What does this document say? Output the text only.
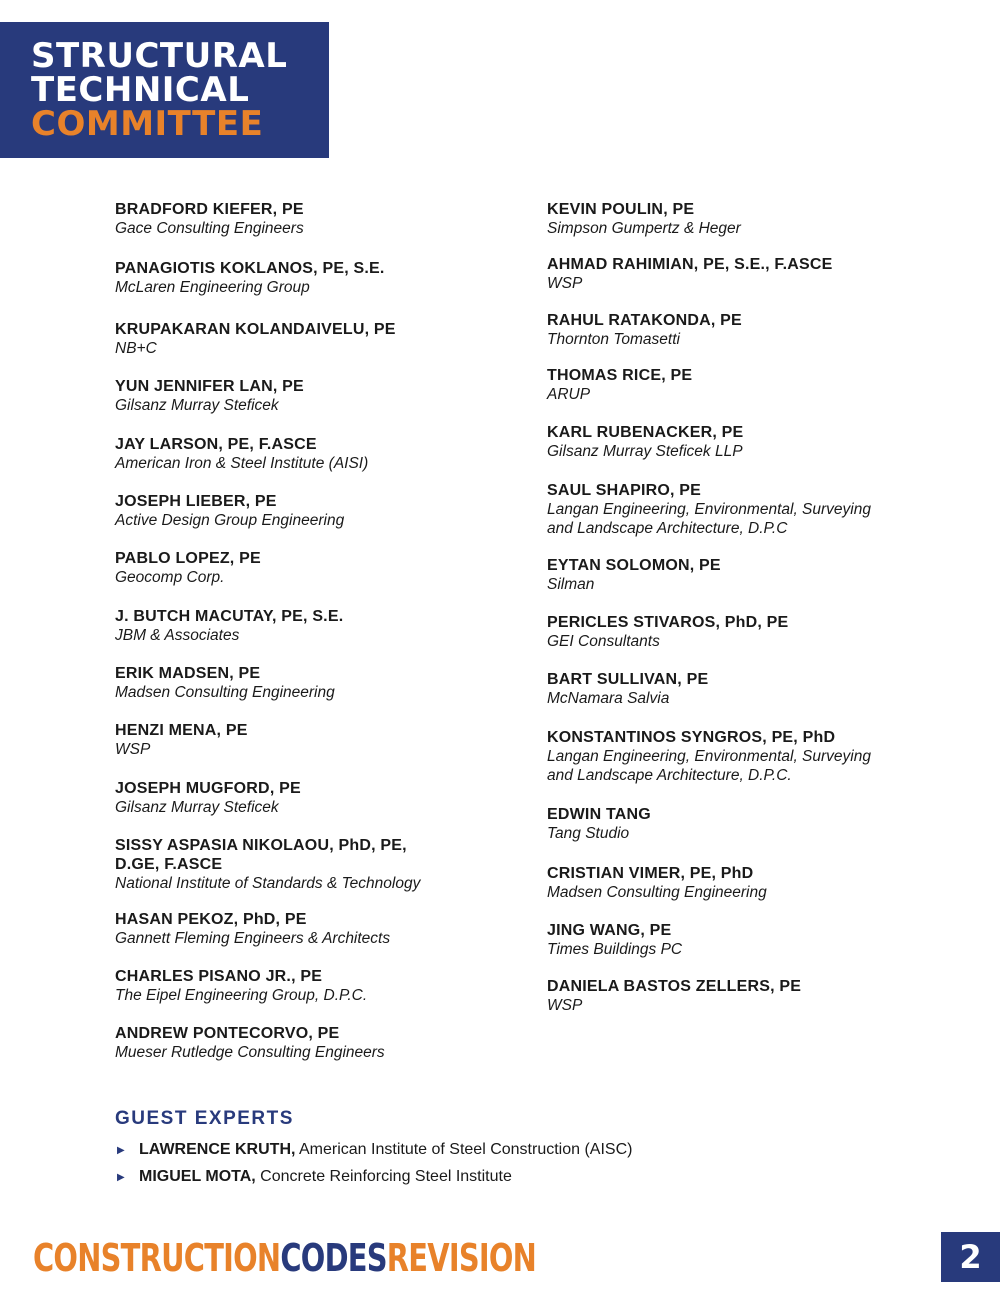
STRUCTURAL
TECHNICAL
COMMITTEE
BRADFORD KIEFER, PE
Gace Consulting Engineers
PANAGIOTIS KOKLANOS, PE, S.E.
McLaren Engineering Group
KRUPAKARAN KOLANDAIVELU, PE
NB+C
YUN JENNIFER LAN, PE
Gilsanz Murray Steficek
JAY LARSON, PE, F.ASCE
American Iron & Steel Institute (AISI)
JOSEPH LIEBER, PE
Active Design Group Engineering
PABLO LOPEZ, PE
Geocomp Corp.
J. BUTCH MACUTAY, PE, S.E.
JBM & Associates
ERIK MADSEN, PE
Madsen Consulting Engineering
HENZI MENA, PE
WSP
JOSEPH MUGFORD, PE
Gilsanz Murray Steficek
SISSY ASPASIA NIKOLAOU, PhD, PE,
D.GE, F.ASCE
National Institute of Standards & Technology
HASAN PEKOZ, PhD, PE
Gannett Fleming Engineers & Architects
CHARLES PISANO JR., PE
The Eipel Engineering Group, D.P.C.
ANDREW PONTECORVO, PE
Mueser Rutledge Consulting Engineers
KEVIN POULIN, PE
Simpson Gumpertz & Heger
AHMAD RAHIMIAN, PE, S.E., F.ASCE
WSP
RAHUL RATAKONDA, PE
Thornton Tomasetti
THOMAS RICE, PE
ARUP
KARL RUBENACKER, PE
Gilsanz Murray Steficek LLP
SAUL SHAPIRO, PE
Langan Engineering, Environmental, Surveying
and Landscape Architecture, D.P.C
EYTAN SOLOMON, PE
Silman
PERICLES STIVAROS, PhD, PE
GEI Consultants
BART SULLIVAN, PE
McNamara Salvia
KONSTANTINOS SYNGROS, PE, PhD
Langan Engineering, Environmental, Surveying
and Landscape Architecture, D.P.C.
EDWIN TANG
Tang Studio
CRISTIAN VIMER, PE, PhD
Madsen Consulting Engineering
JING WANG, PE
Times Buildings PC
DANIELA BASTOS ZELLERS, PE
WSP
GUEST EXPERTS
▶ LAWRENCE KRUTH, American Institute of Steel Construction (AISC)
▶ MIGUEL MOTA, Concrete Reinforcing Steel Institute
CONSTRUCTIONCODESREVISION	2
